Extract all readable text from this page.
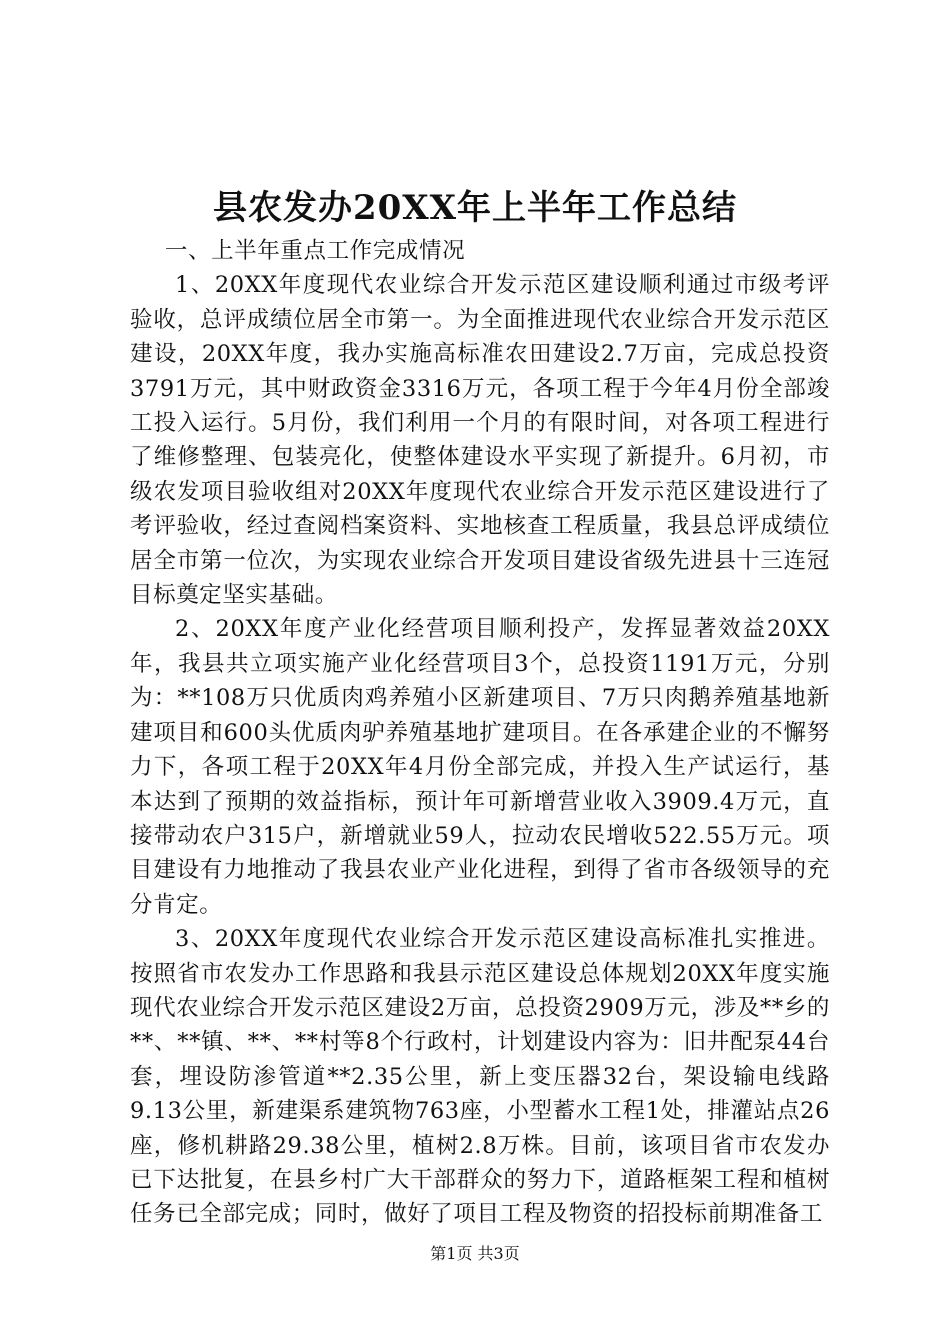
县农发办20XX年上半年工作总结

一、上半年重点工作完成情况

1、20XX年度现代农业综合开发示范区建设顺利通过市级考评验收，总评成绩位居全市第一。为全面推进现代农业综合开发示范区建设，20XX年度，我办实施高标准农田建设2.7万亩，完成总投资3791万元，其中财政资金3316万元，各项工程于今年4月份全部竣工投入运行。5月份，我们利用一个月的有限时间，对各项工程进行了维修整理、包装亮化，使整体建设水平实现了新提升。6月初，市级农发项目验收组对20XX年度现代农业综合开发示范区建设进行了考评验收，经过查阅档案资料、实地核查工程质量，我县总评成绩位居全市第一位次，为实现农业综合开发项目建设省级先进县十三连冠目标奠定坚实基础。

2、20XX年度产业化经营项目顺利投产，发挥显著效益20XX年，我县共立项实施产业化经营项目3个，总投资1191万元，分别为：**108万只优质肉鸡养殖小区新建项目、7万只肉鹅养殖基地新建项目和600头优质肉驴养殖基地扩建项目。在各承建企业的不懈努力下，各项工程于20XX年4月份全部完成，并投入生产试运行，基本达到了预期的效益指标，预计年可新增营业收入3909.4万元，直接带动农户315户，新增就业59人，拉动农民增收522.55万元。项目建设有力地推动了我县农业产业化进程，到得了省市各级领导的充分肯定。

3、20XX年度现代农业综合开发示范区建设高标准扎实推进。按照省市农发办工作思路和我县示范区建设总体规划20XX年度实施现代农业综合开发示范区建设2万亩，总投资2909万元，涉及**乡的**、**镇、**、**村等8个行政村，计划建设内容为：旧井配泵44台套，埋设防渗管道**2.35公里，新上变压器32台，架设输电线路9.13公里，新建渠系建筑物763座，小型蓄水工程1处，排灌站点26座，修机耕路29.38公里，植树2.8万株。目前，该项目省市农发办已下达批复，在县乡村广大干部群众的努力下，道路框架工程和植树任务已全部完成；同时，做好了项目工程及物资的招投标前期准备工

第1页 共3页
